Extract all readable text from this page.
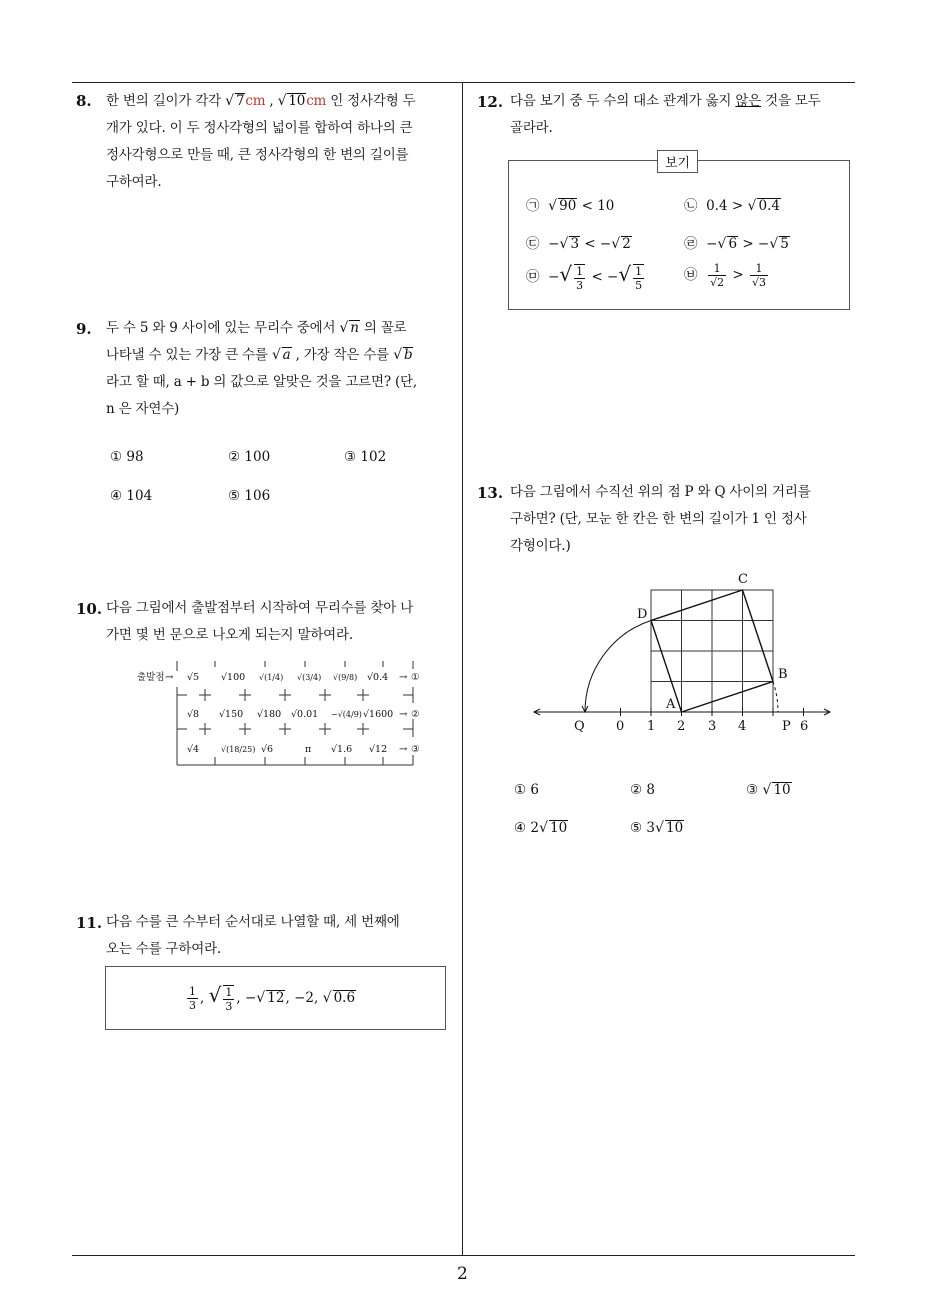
8. 한 변의 길이가 각각 √ 7cm , √ 10cm 인 정사각형 두
개가 있다. 이 두 정사각형의 넓이를 합하여 하나의 큰
정사각형으로 만들 때, 큰 정사각형의 한 변의 길이를
구하여라.
9. 두 수 5 와 9 사이에 있는 무리수 중에서 √ n 의 꼴로
나타낼 수 있는 가장 큰 수를 √ a , 가장 작은 수를 √ b
라고 할 때, a + b 의 값으로 알맞은 것을 고르면? (단,
n 은 자연수)
① 98	② 100	③ 102
④ 104	⑤ 106
10. 다음 그림에서 출발점부터 시작하여 무리수를 찾아 나
가면 몇 번 문으로 나오게 되는지 말하여라.
출발점 → √5 √100 √(1/4) √(3/4) √(9/8) √0.4 → ①
√8 √150 √180 √0.01 −√(4/9) √1600 → ②
√4	√(18/25) √6	π √1.6 √12 → ③
11. 다음 수를 큰 수부터 순서대로 나열할 때, 세 번째에
오는 수를 구하여라.
$\frac{1}{3}$ , √ $\frac{1}{3}$ , −√ 12, −2, √ 0.6
12. 다음 보기 중 두 수의 대소 관계가 옳지 않은 것을 모두
골라라.
보기
㉠ √ 90 < 10	㉡  0.4 > √ 0.4
㉢  −√ 3 < −√ 2	㉣  −√ 6 > −√ 5
㉤  −√ $\frac{1}{3}$ < −√ $\frac{1}{5}$	㉥ $\frac{1}{√2} > \frac{1}{√3}$
13. 다음 그림에서 수직선 위의 점 P 와 Q 사이의 거리를
구하면? (단, 모눈 한 칸은 한 변의 길이가 1 인 정사
각형이다.)
C
D
B
A
Q	P
0 1 2 3 4	6
① 6	② 8	③ √ 10
④ 2√ 10	⑤ 3√ 10
2
